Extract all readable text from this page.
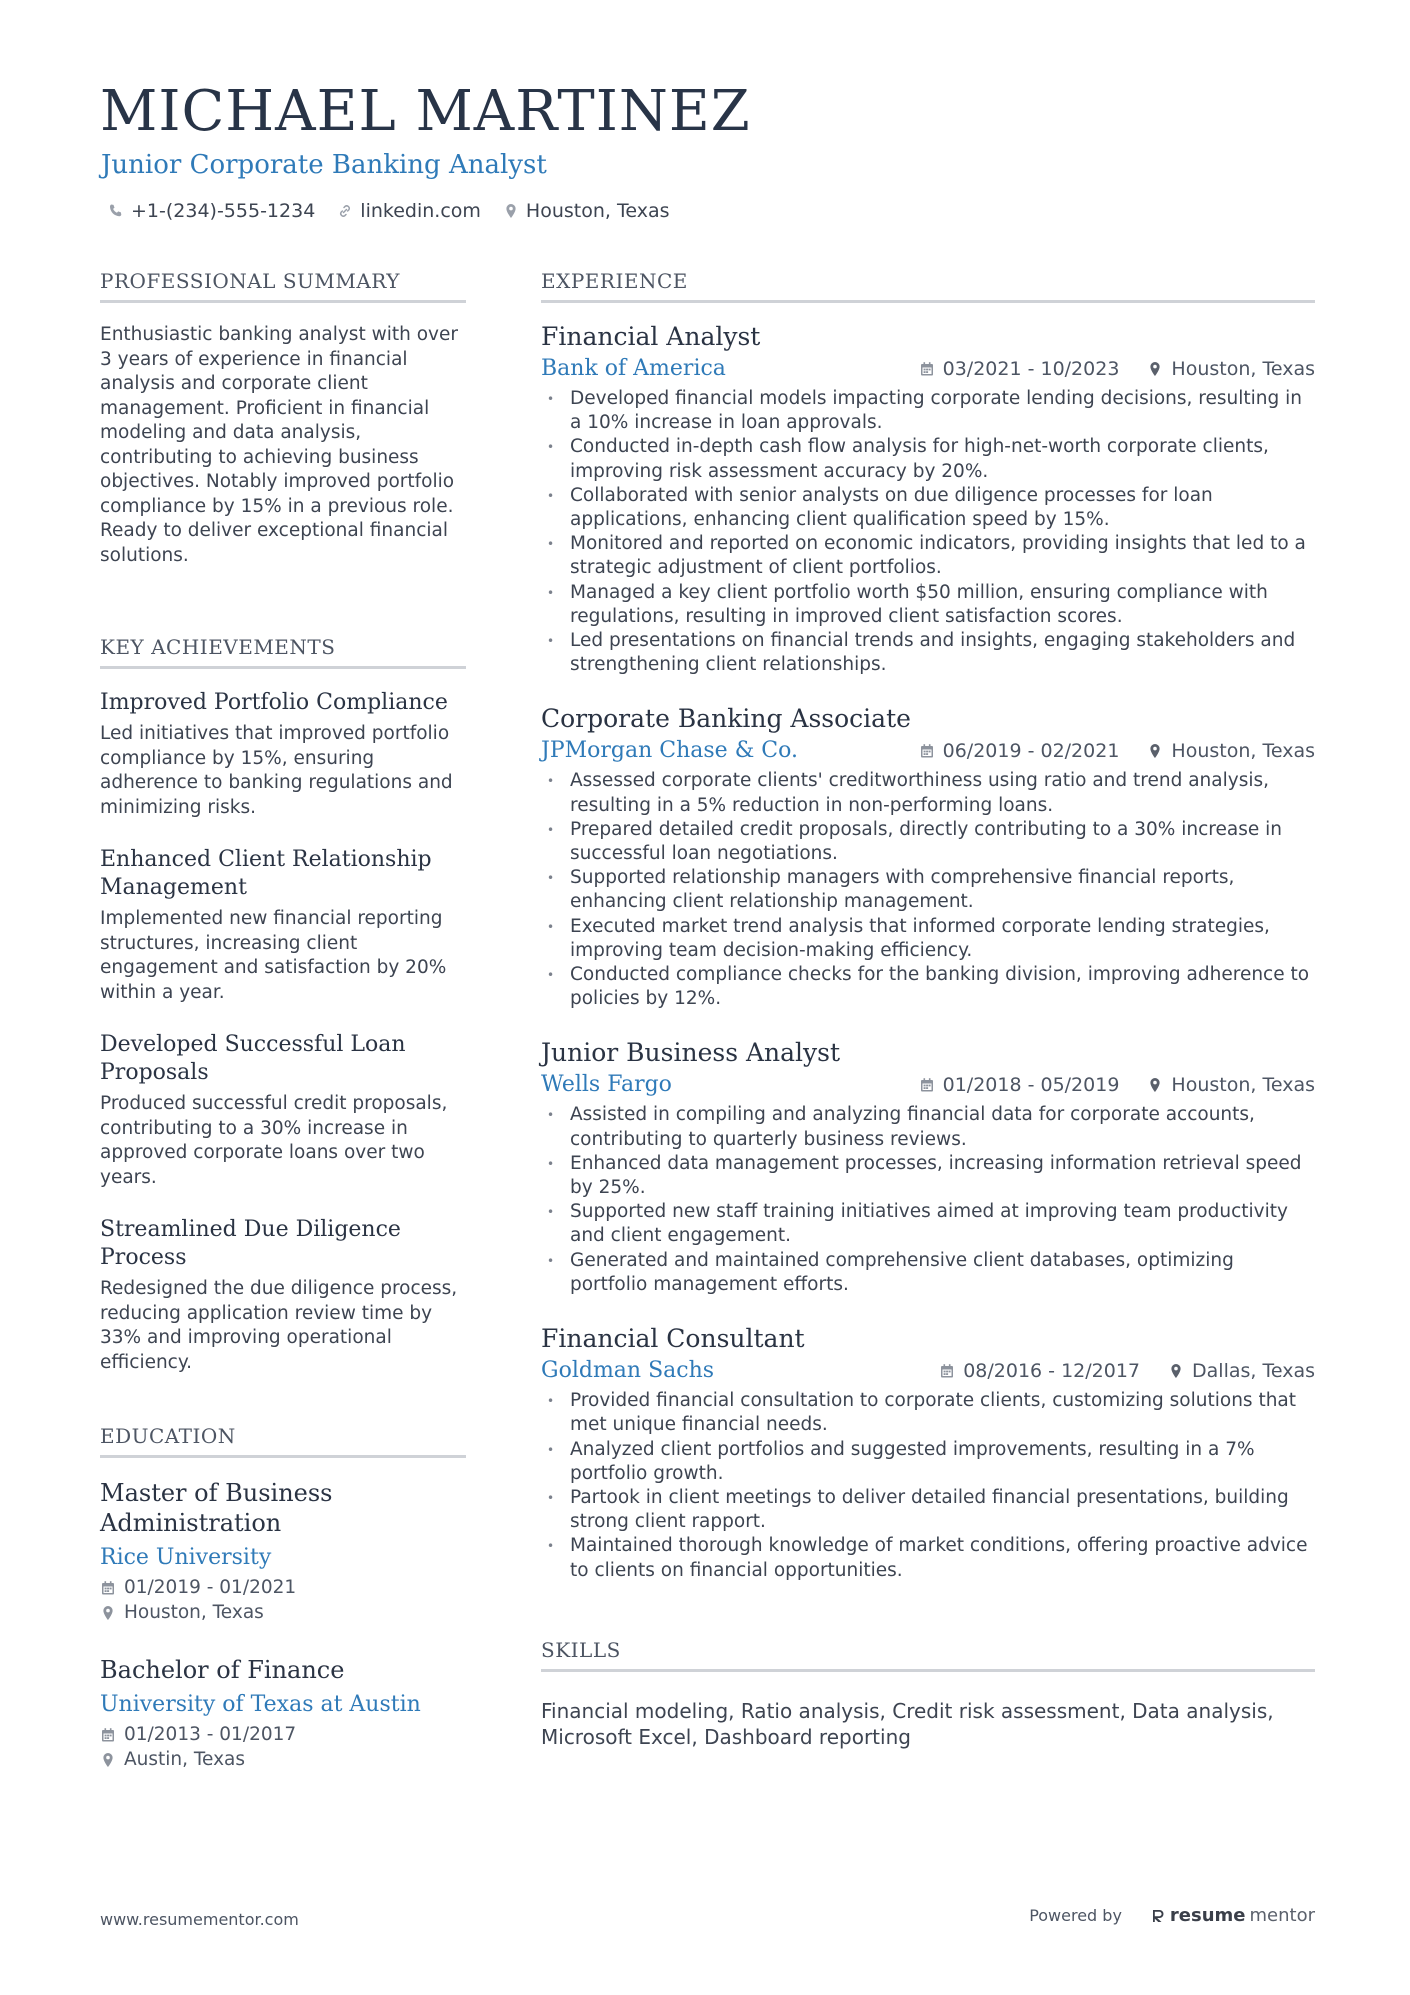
MICHAEL MARTINEZ
Junior Corporate Banking Analyst
+1-(234)-555-1234 linkedin.com Houston, Texas
PROFESSIONAL SUMMARY
Enthusiastic banking analyst with over 3 years of experience in financial analysis and corporate client management. Proficient in financial modeling and data analysis, contributing to achieving business objectives. Notably improved portfolio compliance by 15% in a previous role. Ready to deliver exceptional financial solutions.
KEY ACHIEVEMENTS
Improved Portfolio Compliance
Led initiatives that improved portfolio compliance by 15%, ensuring adherence to banking regulations and minimizing risks.
Enhanced Client Relationship Management
Implemented new financial reporting structures, increasing client engagement and satisfaction by 20% within a year.
Developed Successful Loan Proposals
Produced successful credit proposals, contributing to a 30% increase in approved corporate loans over two years.
Streamlined Due Diligence Process
Redesigned the due diligence process, reducing application review time by 33% and improving operational efficiency.
EDUCATION
Master of Business Administration
Rice University
01/2019 - 01/2021
Houston, Texas
Bachelor of Finance
University of Texas at Austin
01/2013 - 01/2017
Austin, Texas
EXPERIENCE
Financial Analyst
Bank of America	03/2021 - 10/2023	Houston, Texas
• Developed financial models impacting corporate lending decisions, resulting in a 10% increase in loan approvals.
• Conducted in-depth cash flow analysis for high-net-worth corporate clients, improving risk assessment accuracy by 20%.
• Collaborated with senior analysts on due diligence processes for loan applications, enhancing client qualification speed by 15%.
• Monitored and reported on economic indicators, providing insights that led to a strategic adjustment of client portfolios.
• Managed a key client portfolio worth $50 million, ensuring compliance with regulations, resulting in improved client satisfaction scores.
• Led presentations on financial trends and insights, engaging stakeholders and strengthening client relationships.
Corporate Banking Associate
JPMorgan Chase & Co.	06/2019 - 02/2021	Houston, Texas
• Assessed corporate clients' creditworthiness using ratio and trend analysis, resulting in a 5% reduction in non-performing loans.
• Prepared detailed credit proposals, directly contributing to a 30% increase in successful loan negotiations.
• Supported relationship managers with comprehensive financial reports, enhancing client relationship management.
• Executed market trend analysis that informed corporate lending strategies, improving team decision-making efficiency.
• Conducted compliance checks for the banking division, improving adherence to policies by 12%.
Junior Business Analyst
Wells Fargo	01/2018 - 05/2019	Houston, Texas
• Assisted in compiling and analyzing financial data for corporate accounts, contributing to quarterly business reviews.
• Enhanced data management processes, increasing information retrieval speed by 25%.
• Supported new staff training initiatives aimed at improving team productivity and client engagement.
• Generated and maintained comprehensive client databases, optimizing portfolio management efforts.
Financial Consultant
Goldman Sachs	08/2016 - 12/2017	Dallas, Texas
• Provided financial consultation to corporate clients, customizing solutions that met unique financial needs.
• Analyzed client portfolios and suggested improvements, resulting in a 7% portfolio growth.
• Partook in client meetings to deliver detailed financial presentations, building strong client rapport.
• Maintained thorough knowledge of market conditions, offering proactive advice to clients on financial opportunities.
SKILLS
Financial modeling, Ratio analysis, Credit risk assessment, Data analysis, Microsoft Excel, Dashboard reporting
www.resumementor.com	Powered by	resume mentor
